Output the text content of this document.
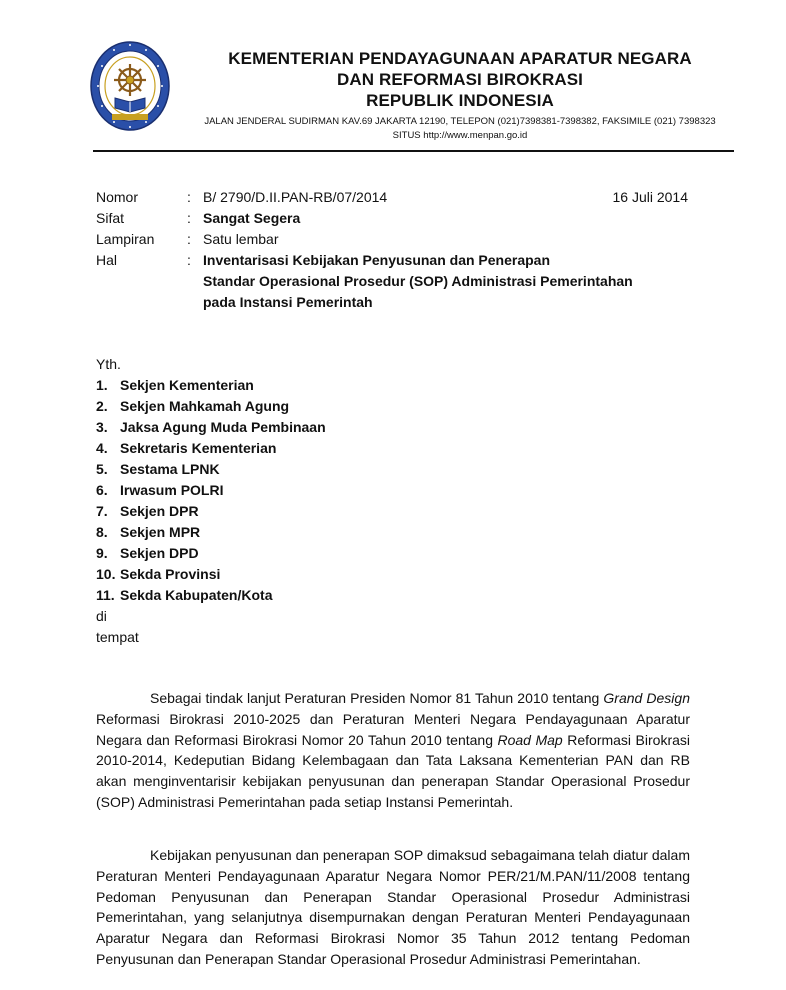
KEMENTERIAN PENDAYAGUNAAN APARATUR NEGARA
DAN REFORMASI BIROKRASI
REPUBLIK INDONESIA
JALAN JENDERAL SUDIRMAN KAV.69 JAKARTA 12190, TELEPON (021)7398381-7398382, FAKSIMILE (021) 7398323
SITUS http://www.menpan.go.id
Nomor	: B/ 2790/D.II.PAN-RB/07/2014	16 Juli 2014
Sifat	: Sangat Segera
Lampiran : Satu lembar
Hal	: Inventarisasi Kebijakan Penyusunan dan Penerapan
Standar Operasional Prosedur (SOP) Administrasi Pemerintahan
pada Instansi Pemerintah
Yth.
1. Sekjen Kementerian
2. Sekjen Mahkamah Agung
3. Jaksa Agung Muda Pembinaan
4. Sekretaris Kementerian
5. Sestama LPNK
6. Irwasum POLRI
7. Sekjen DPR
8. Sekjen MPR
9. Sekjen DPD
10. Sekda Provinsi
11. Sekda Kabupaten/Kota
di
tempat

Sebagai tindak lanjut Peraturan Presiden Nomor 81 Tahun 2010 tentang Grand Design Reformasi Birokrasi 2010-2025 dan Peraturan Menteri Negara Pendayagunaan Aparatur Negara dan Reformasi Birokrasi Nomor 20 Tahun 2010 tentang Road Map Reformasi Birokrasi 2010-2014, Kedeputian Bidang Kelembagaan dan Tata Laksana Kementerian PAN dan RB akan menginventarisir kebijakan penyusunan dan penerapan Standar Operasional Prosedur (SOP) Administrasi Pemerintahan pada setiap Instansi Pemerintah.

Kebijakan penyusunan dan penerapan SOP dimaksud sebagaimana telah diatur dalam Peraturan Menteri Pendayagunaan Aparatur Negara Nomor PER/21/M.PAN/11/2008 tentang Pedoman Penyusunan dan Penerapan Standar Operasional Prosedur Administrasi Pemerintahan, yang selanjutnya disempurnakan dengan Peraturan Menteri Pendayagunaan Aparatur Negara dan Reformasi Birokrasi Nomor 35 Tahun 2012 tentang Pedoman Penyusunan dan Penerapan Standar Operasional Prosedur Administrasi Pemerintahan.
